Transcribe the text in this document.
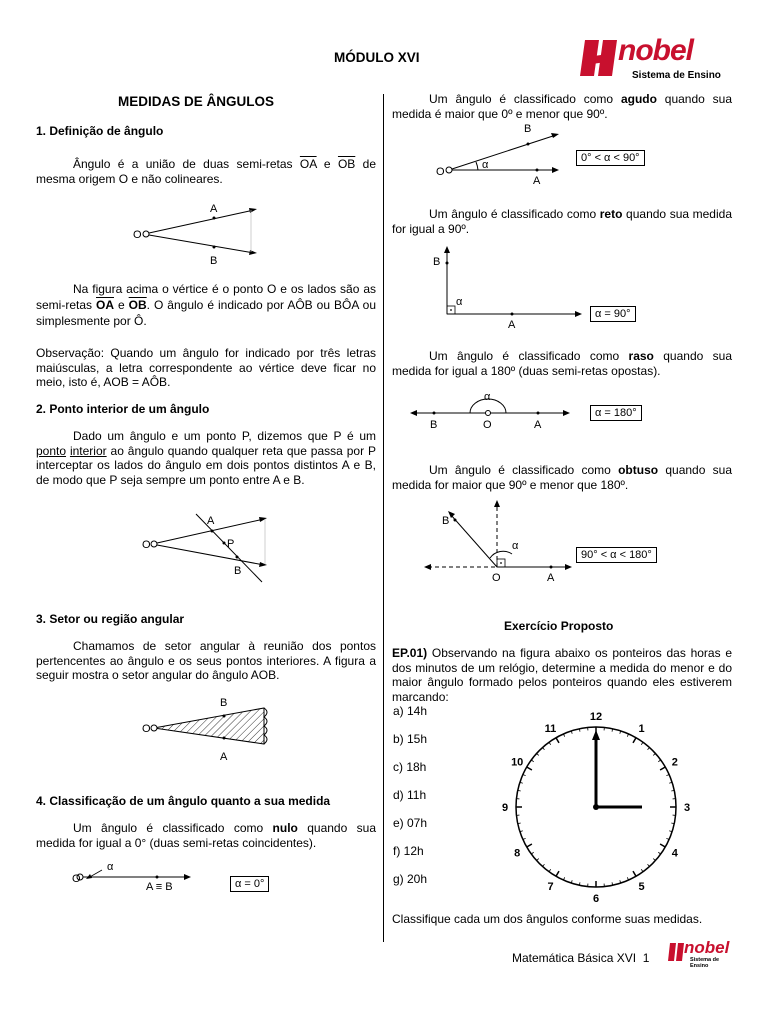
MÓDULO XVI	nobel
Sistema de Ensino
MEDIDAS DE ÂNGULOS
1. Definição de ângulo
Ângulo é a união de duas semi-retas $\overline{OA}$ e $\overline{OB}$ de mesma origem O e não colineares.
O
A
B
Na figura acima o vértice é o ponto O e os lados são as semi-retas $\overline{OA}$ e $\overline{OB}$. O ângulo é indicado por AÔB ou BÔA ou simplesmente por Ô.
Observação: Quando um ângulo for indicado por três letras maiúsculas, a letra correspondente ao vértice deve ficar no meio, isto é, AOB = AÔB.
2. Ponto interior de um ângulo
Dado um ângulo e um ponto P, dizemos que P é um ponto interior ao ângulo quando qualquer reta que passa por P interceptar os lados do ângulo em dois pontos distintos A e B, de modo que P seja sempre um ponto entre A e B.
O
A
P
B
3. Setor ou região angular
Chamamos de setor angular à reunião dos pontos pertencentes ao ângulo e os seus pontos interiores. A figura a seguir mostra o setor angular do ângulo AOB.
O
B
A
4. Classificação de um ângulo quanto a sua medida
Um ângulo é classificado como nulo quando sua medida for igual a 0° (duas semi-retas coincidentes).
O
α
A ≡ B	α = 0°
Um ângulo é classificado como agudo quando sua medida é maior que 0º e menor que 90º.
O
B
α
A
0° < α < 90°
Um ângulo é classificado como reto quando sua medida for igual a 90º.
B
α
A
α = 90°
Um ângulo é classificado como raso quando sua medida for igual a 180º (duas semi-retas opostas).
α
B	O	A
α = 180°
Um ângulo é classificado como obtuso quando sua medida for maior que 90º e menor que 180º.
B
α
O	A
90° < α < 180°
Exercício Proposto
EP.01) Observando na figura abaixo os ponteiros das horas e dos minutos de um relógio, determine a medida do menor e do maior ângulo formado pelos ponteiros quando eles estiverem marcando:
a) 14h
b) 15h
c) 18h
d) 11h
e) 07h
f) 12h
g) 20h
12
1
2
3
4
5
6
7
8
9
10
11
Classifique cada um dos ângulos conforme suas medidas.
Matemática Básica XVI 1
nobel
Sistema de Ensino
